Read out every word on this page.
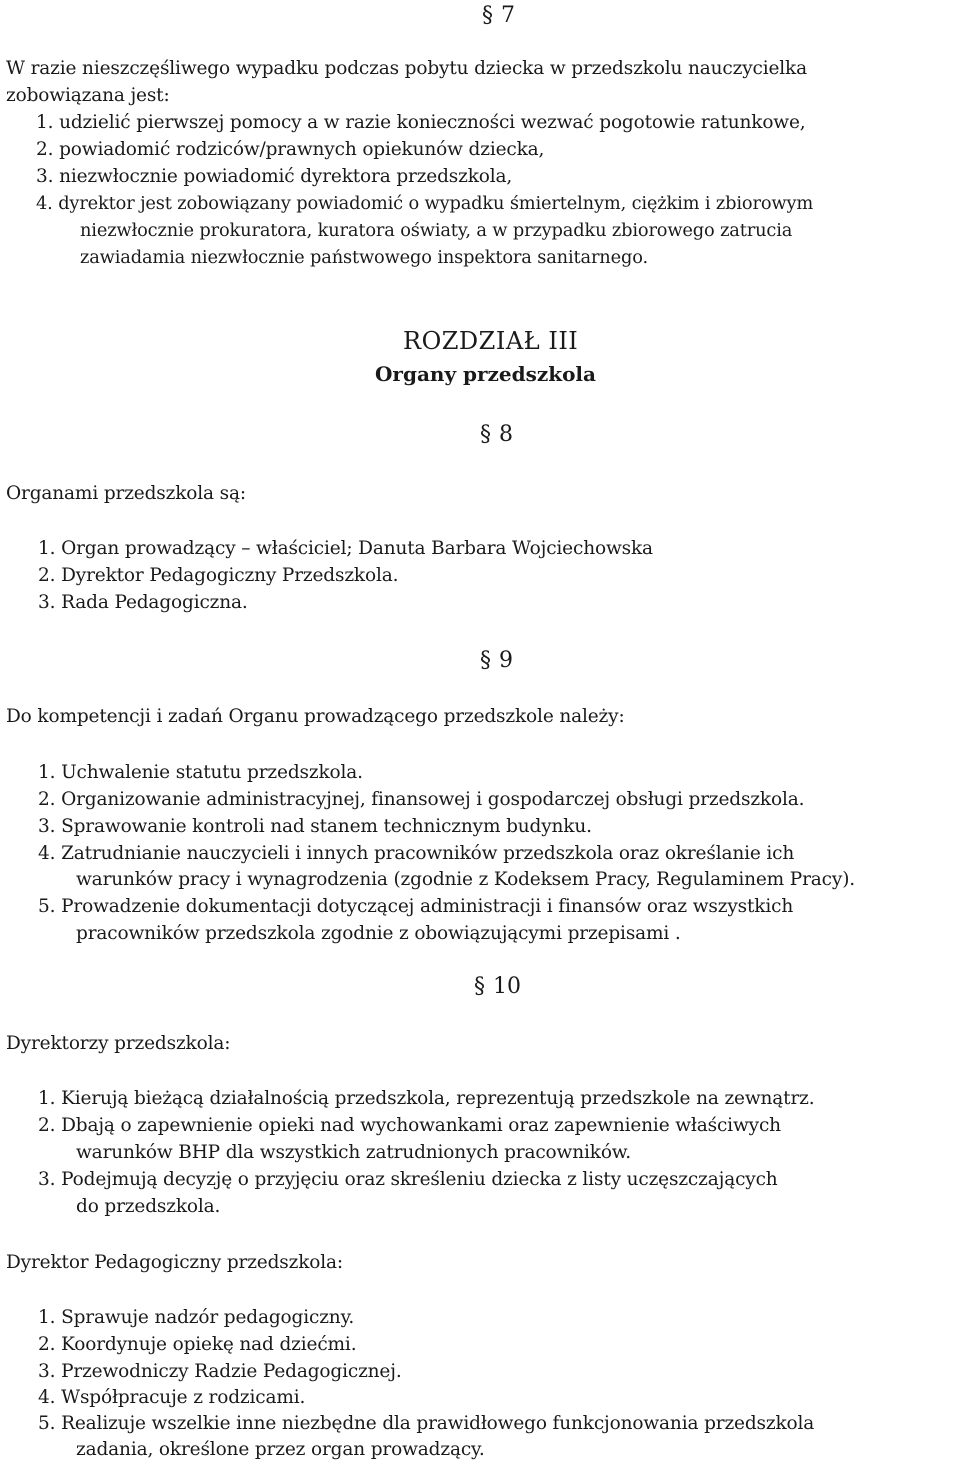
§ 7
W razie nieszczęśliwego wypadku podczas pobytu dziecka w przedszkolu nauczycielka
zobowiązana jest:
1. udzielić pierwszej pomocy a w razie konieczności wezwać pogotowie ratunkowe,
2. powiadomić rodziców/prawnych opiekunów dziecka,
3. niezwłocznie powiadomić dyrektora przedszkola,
4. dyrektor jest zobowiązany powiadomić o wypadku śmiertelnym, ciężkim i zbiorowym
niezwłocznie prokuratora, kuratora oświaty, a w przypadku zbiorowego zatrucia
zawiadamia niezwłocznie państwowego inspektora sanitarnego.
ROZDZIAŁ III
Organy przedszkola
§ 8
Organami przedszkola są:
1. Organ prowadzący – właściciel; Danuta Barbara Wojciechowska
2. Dyrektor Pedagogiczny Przedszkola.
3. Rada Pedagogiczna.
§ 9
Do kompetencji i zadań Organu prowadzącego przedszkole należy:
1. Uchwalenie statutu przedszkola.
2. Organizowanie administracyjnej, finansowej i gospodarczej obsługi przedszkola.
3. Sprawowanie kontroli nad stanem technicznym budynku.
4. Zatrudnianie nauczycieli i innych pracowników przedszkola oraz określanie ich
warunków pracy i wynagrodzenia (zgodnie z Kodeksem Pracy, Regulaminem Pracy).
5. Prowadzenie dokumentacji dotyczącej administracji i finansów oraz wszystkich
pracowników przedszkola zgodnie z obowiązującymi przepisami .
§ 10
Dyrektorzy przedszkola:
1. Kierują bieżącą działalnością przedszkola, reprezentują przedszkole na zewnątrz.
2. Dbają o zapewnienie opieki nad wychowankami oraz zapewnienie właściwych
warunków BHP dla wszystkich zatrudnionych pracowników.
3. Podejmują decyzję o przyjęciu oraz skreśleniu dziecka z listy uczęszczających
do przedszkola.
Dyrektor Pedagogiczny przedszkola:
1. Sprawuje nadzór pedagogiczny.
2. Koordynuje opiekę nad dziećmi.
3. Przewodniczy Radzie Pedagogicznej.
4. Współpracuje z rodzicami.
5. Realizuje wszelkie inne niezbędne dla prawidłowego funkcjonowania przedszkola
zadania, określone przez organ prowadzący.
